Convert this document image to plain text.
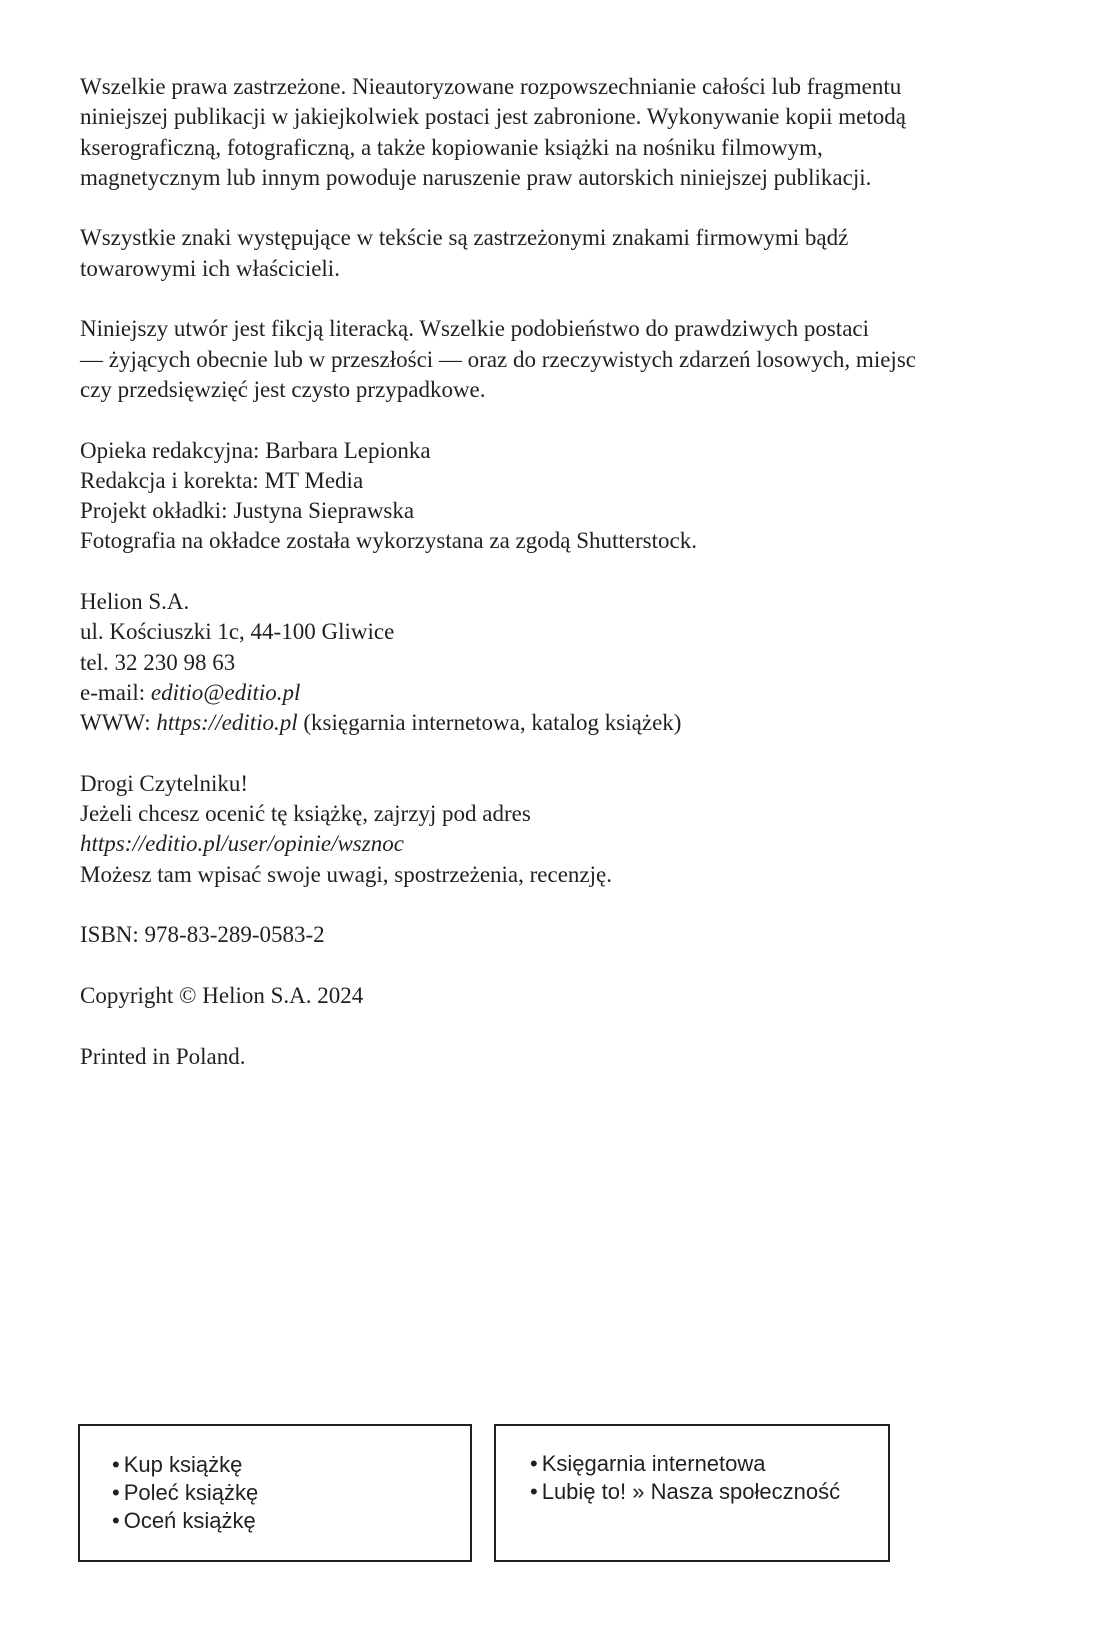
Wszelkie prawa zastrzeżone. Nieautoryzowane rozpowszechnianie całości lub fragmentu
niniejszej publikacji w jakiejkolwiek postaci jest zabronione. Wykonywanie kopii metodą
kserograficzną, fotograficzną, a także kopiowanie książki na nośniku filmowym,
magnetycznym lub innym powoduje naruszenie praw autorskich niniejszej publikacji.

Wszystkie znaki występujące w tekście są zastrzeżonymi znakami firmowymi bądź
towarowymi ich właścicieli.

Niniejszy utwór jest fikcją literacką. Wszelkie podobieństwo do prawdziwych postaci
— żyjących obecnie lub w przeszłości — oraz do rzeczywistych zdarzeń losowych, miejsc
czy przedsięwzięć jest czysto przypadkowe.

Opieka redakcyjna: Barbara Lepionka
Redakcja i korekta: MT Media
Projekt okładki: Justyna Sieprawska
Fotografia na okładce została wykorzystana za zgodą Shutterstock.

Helion S.A.
ul. Kościuszki 1c, 44-100 Gliwice
tel. 32 230 98 63
e-mail: editio@editio.pl
WWW: https://editio.pl (księgarnia internetowa, katalog książek)

Drogi Czytelniku!
Jeżeli chcesz ocenić tę książkę, zajrzyj pod adres
https://editio.pl/user/opinie/wsznoc
Możesz tam wpisać swoje uwagi, spostrzeżenia, recenzję.

ISBN: 978-83-289-0583-2

Copyright © Helion S.A. 2024

Printed in Poland.

• Kup książkę
• Poleć książkę
• Oceń książkę
• Księgarnia internetowa
• Lubię to! » Nasza społeczność
